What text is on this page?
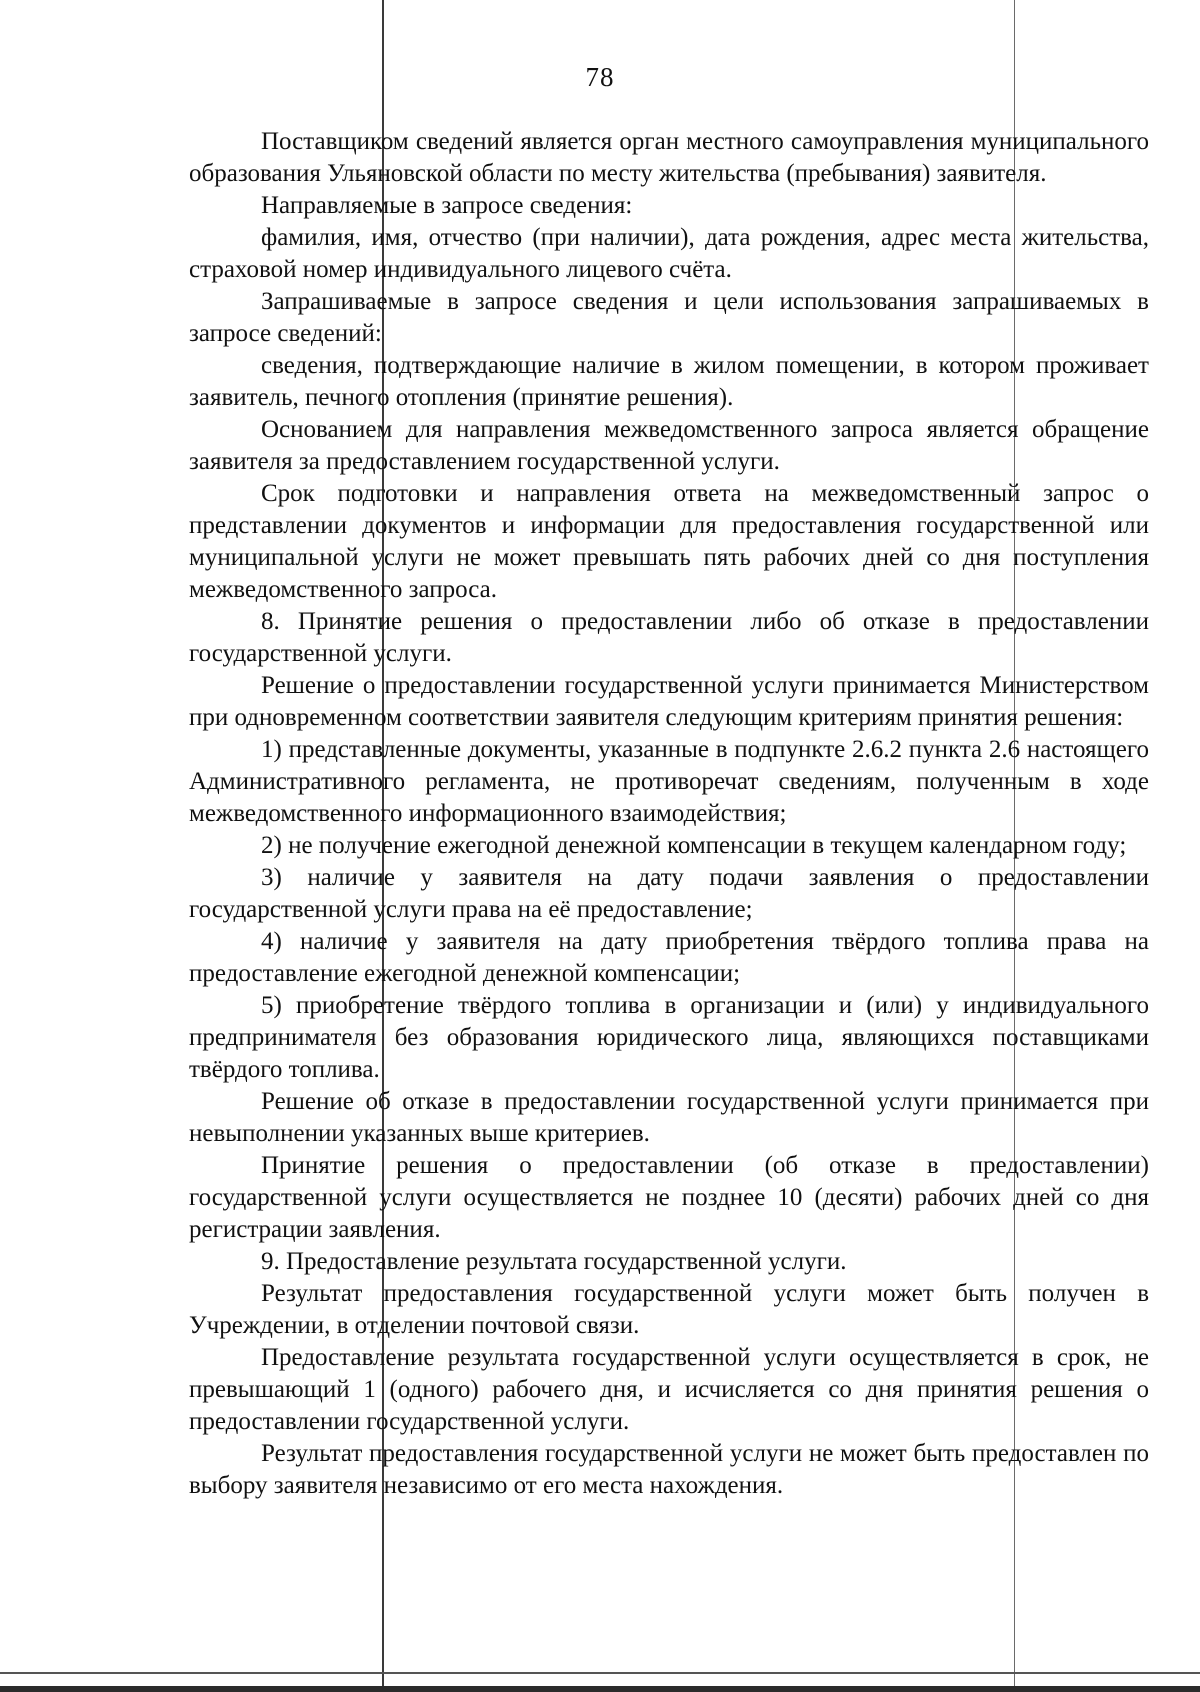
78

Поставщиком сведений является орган местного самоуправления муниципального образования Ульяновской области по месту жительства (пребывания) заявителя.

Направляемые в запросе сведения:

фамилия, имя, отчество (при наличии), дата рождения, адрес места жительства, страховой номер индивидуального лицевого счёта.

Запрашиваемые в запросе сведения и цели использования запрашиваемых в запросе сведений:

сведения, подтверждающие наличие в жилом помещении, в котором проживает заявитель, печного отопления (принятие решения).

Основанием для направления межведомственного запроса является обращение заявителя за предоставлением государственной услуги.

Срок подготовки и направления ответа на межведомственный запрос о представлении документов и информации для предоставления государственной или муниципальной услуги не может превышать пять рабочих дней со дня поступления межведомственного запроса.

8. Принятие решения о предоставлении либо об отказе в предоставлении государственной услуги.

Решение о предоставлении государственной услуги принимается Министерством при одновременном соответствии заявителя следующим критериям принятия решения:

1) представленные документы, указанные в подпункте 2.6.2 пункта 2.6 настоящего Административного регламента, не противоречат сведениям, полученным в ходе межведомственного информационного взаимодействия;

2) не получение ежегодной денежной компенсации в текущем календарном году;

3) наличие у заявителя на дату подачи заявления о предоставлении государственной услуги права на её предоставление;

4) наличие у заявителя на дату приобретения твёрдого топлива права на предоставление ежегодной денежной компенсации;

5) приобретение твёрдого топлива в организации и (или) у индивидуального предпринимателя без образования юридического лица, являющихся поставщиками твёрдого топлива.

Решение об отказе в предоставлении государственной услуги принимается при невыполнении указанных выше критериев.

Принятие решения о предоставлении (об отказе в предоставлении) государственной услуги осуществляется не позднее 10 (десяти) рабочих дней со дня регистрации заявления.

9. Предоставление результата государственной услуги.

Результат предоставления государственной услуги может быть получен в Учреждении, в отделении почтовой связи.

Предоставление результата государственной услуги осуществляется в срок, не превышающий 1 (одного) рабочего дня, и исчисляется со дня принятия решения о предоставлении государственной услуги.

Результат предоставления государственной услуги не может быть предоставлен по выбору заявителя независимо от его места нахождения.
